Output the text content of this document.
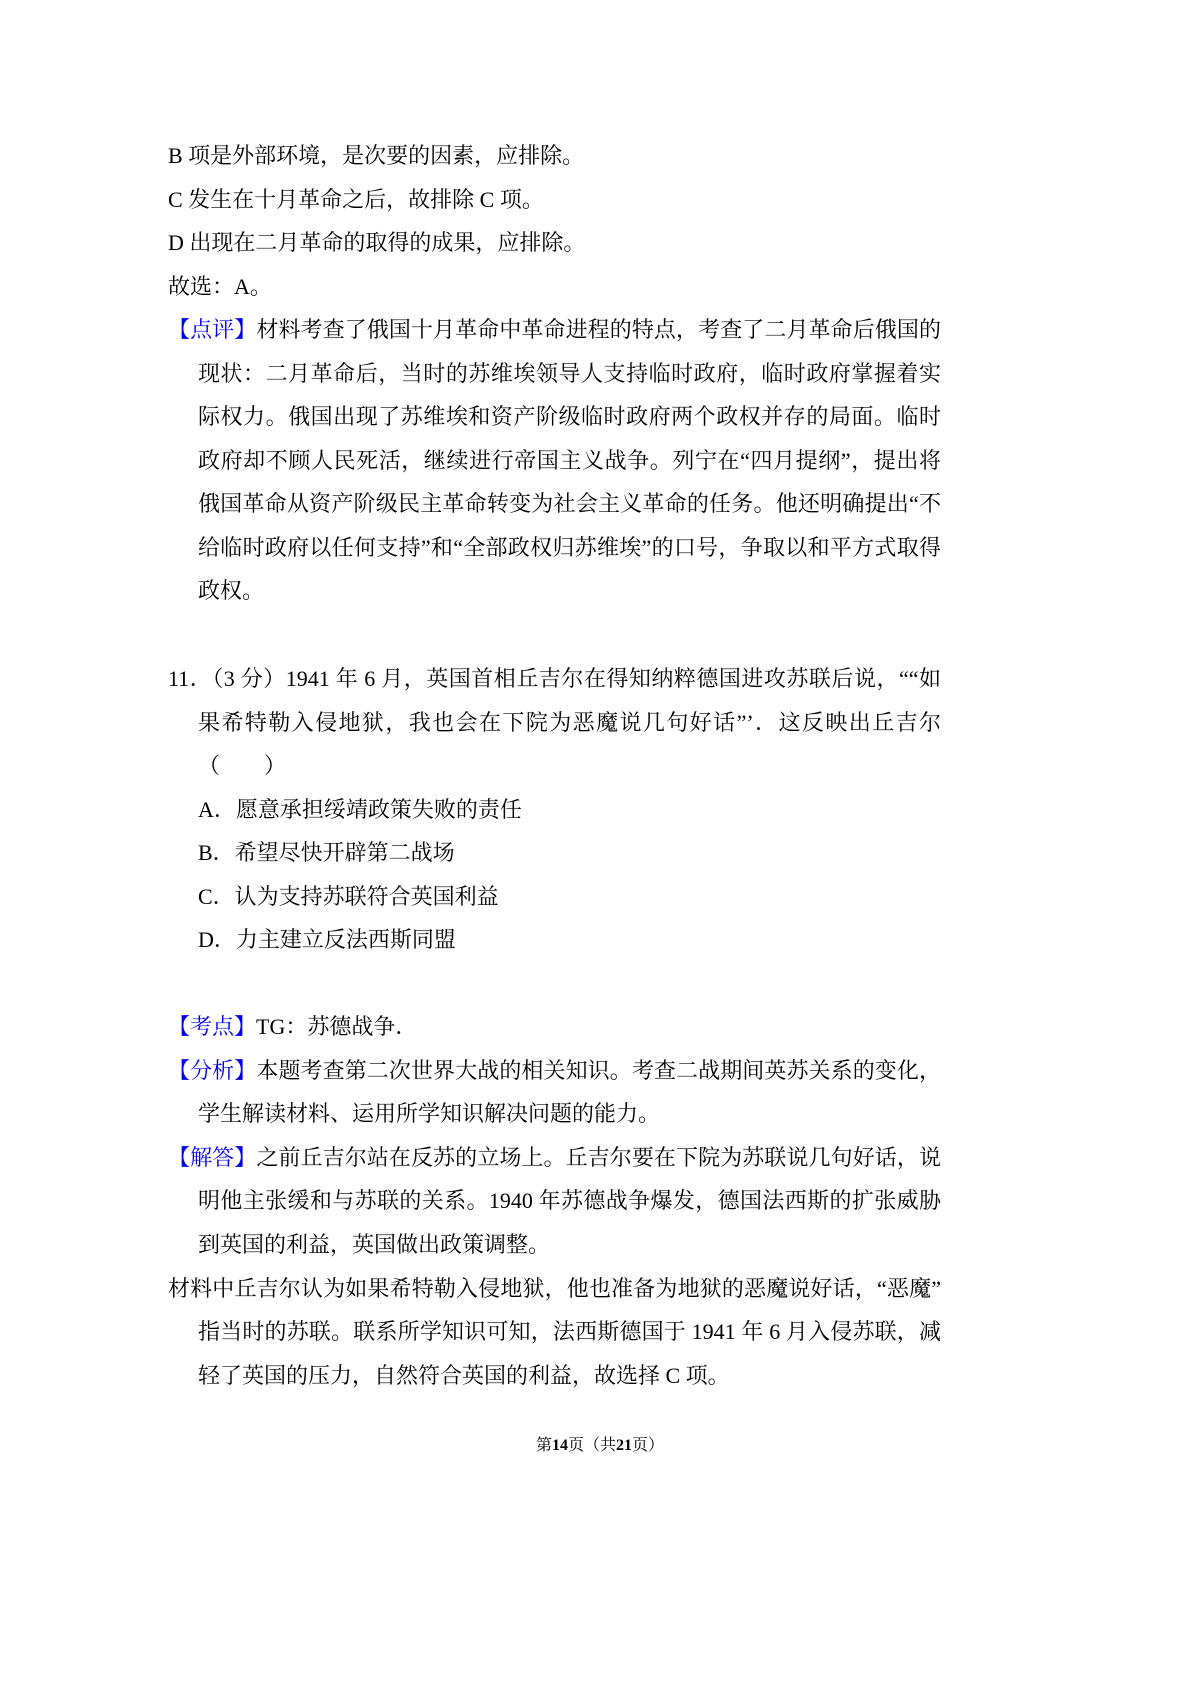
B 项是外部环境，是次要的因素，应排除。
C 发生在十月革命之后，故排除 C 项。
D 出现在二月革命的取得的成果，应排除。
故选：A。
【点评】材料考查了俄国十月革命中革命进程的特点，考查了二月革命后俄国的
现状：二月革命后，当时的苏维埃领导人支持临时政府，临时政府掌握着实
际权力。俄国出现了苏维埃和资产阶级临时政府两个政权并存的局面。临时
政府却不顾人民死活，继续进行帝国主义战争。列宁在“四月提纲”，提出将
俄国革命从资产阶级民主革命转变为社会主义革命的任务。他还明确提出“不
给临时政府以任何支持”和“全部政权归苏维埃”的口号，争取以和平方式取得
政权。
11．（3 分）1941 年 6 月，英国首相丘吉尔在得知纳粹德国进攻苏联后说，““如
果希特勒入侵地狱，我也会在下院为恶魔说几句好话”’．这反映出丘吉尔
（　　）
A．愿意承担绥靖政策失败的责任
B．希望尽快开辟第二战场
C．认为支持苏联符合英国利益
D．力主建立反法西斯同盟
【考点】TG：苏德战争．
【分析】本题考查第二次世界大战的相关知识。考查二战期间英苏关系的变化，
学生解读材料、运用所学知识解决问题的能力。
【解答】之前丘吉尔站在反苏的立场上。丘吉尔要在下院为苏联说几句好话，说
明他主张缓和与苏联的关系。1940 年苏德战争爆发，德国法西斯的扩张威胁
到英国的利益，英国做出政策调整。
材料中丘吉尔认为如果希特勒入侵地狱，他也准备为地狱的恶魔说好话，“恶魔”
指当时的苏联。联系所学知识可知，法西斯德国于 1941 年 6 月入侵苏联，减
轻了英国的压力，自然符合英国的利益，故选择 C 项。
第14页（共21页）
